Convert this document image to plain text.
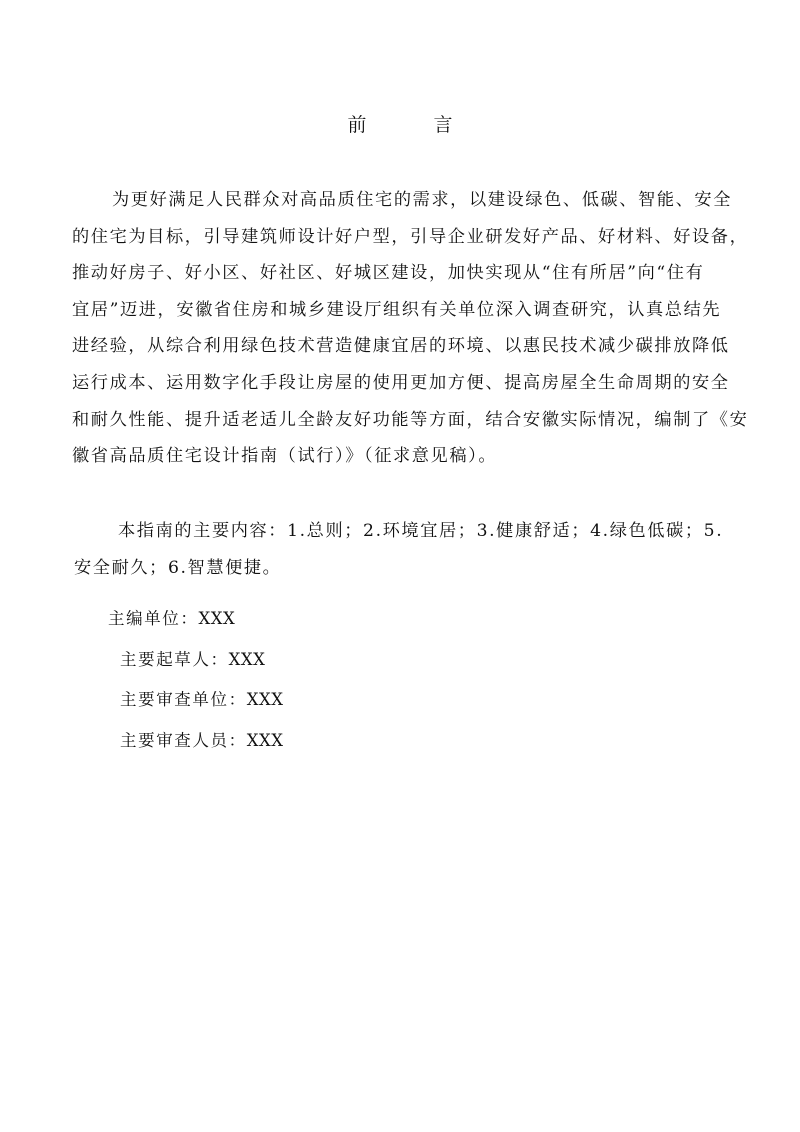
前　言
为更好满足人民群众对高品质住宅的需求，以建设绿色、低碳、智能、安全
的住宅为目标，引导建筑师设计好户型，引导企业研发好产品、好材料、好设备，
推动好房子、好小区、好社区、好城区建设，加快实现从“住有所居”向“住有
宜居”迈进，安徽省住房和城乡建设厅组织有关单位深入调查研究，认真总结先
进经验，从综合利用绿色技术营造健康宜居的环境、以惠民技术减少碳排放降低
运行成本、运用数字化手段让房屋的使用更加方便、提高房屋全生命周期的安全
和耐久性能、提升适老适儿全龄友好功能等方面，结合安徽实际情况，编制了《安
徽省高品质住宅设计指南（试行）》（征求意见稿）。
本指南的主要内容：1.总则；2.环境宜居；3.健康舒适；4.绿色低碳；5.
安全耐久；6.智慧便捷。
主编单位：XXX
主要起草人：XXX
主要审查单位：XXX
主要审查人员：XXX
